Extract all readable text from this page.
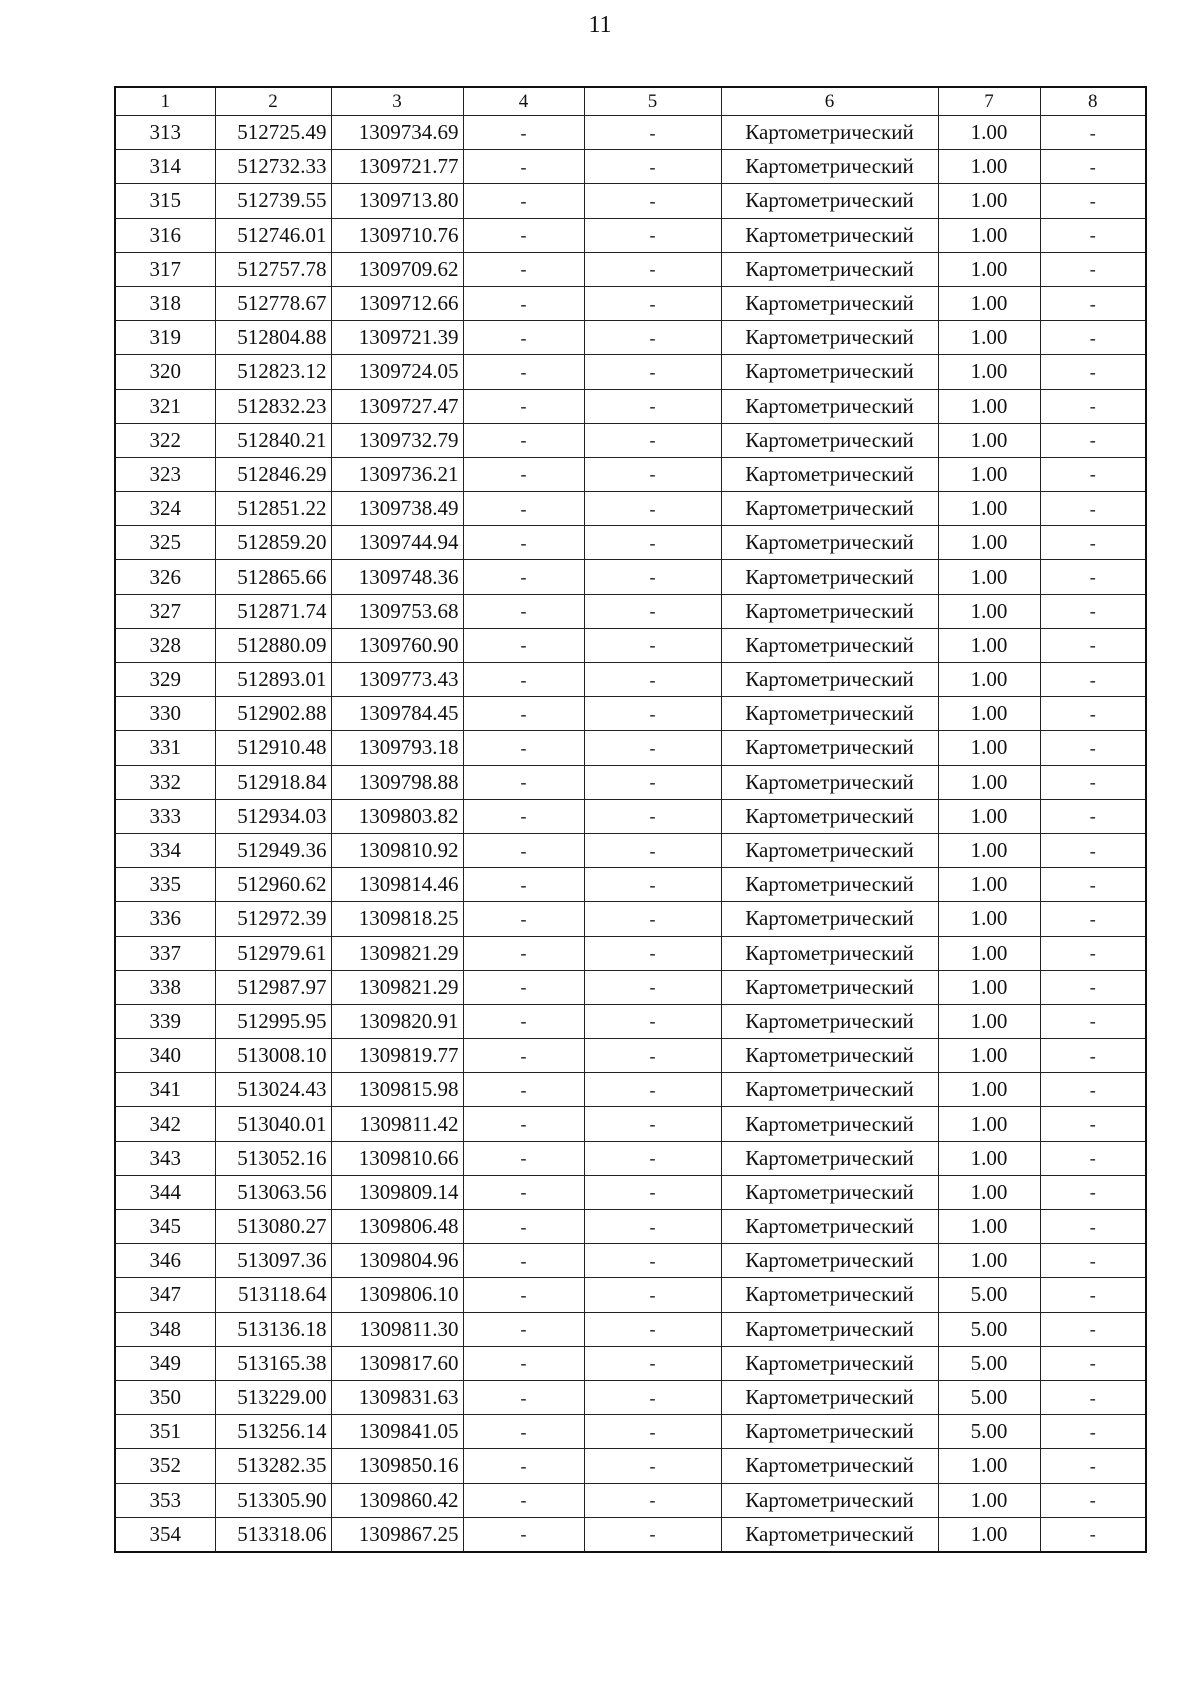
11
1	2	3	4	5	6	7	8
313	512725.49	1309734.69	-	-	Картометрический	1.00	-
314	512732.33	1309721.77	-	-	Картометрический	1.00	-
315	512739.55	1309713.80	-	-	Картометрический	1.00	-
316	512746.01	1309710.76	-	-	Картометрический	1.00	-
317	512757.78	1309709.62	-	-	Картометрический	1.00	-
318	512778.67	1309712.66	-	-	Картометрический	1.00	-
319	512804.88	1309721.39	-	-	Картометрический	1.00	-
320	512823.12	1309724.05	-	-	Картометрический	1.00	-
321	512832.23	1309727.47	-	-	Картометрический	1.00	-
322	512840.21	1309732.79	-	-	Картометрический	1.00	-
323	512846.29	1309736.21	-	-	Картометрический	1.00	-
324	512851.22	1309738.49	-	-	Картометрический	1.00	-
325	512859.20	1309744.94	-	-	Картометрический	1.00	-
326	512865.66	1309748.36	-	-	Картометрический	1.00	-
327	512871.74	1309753.68	-	-	Картометрический	1.00	-
328	512880.09	1309760.90	-	-	Картометрический	1.00	-
329	512893.01	1309773.43	-	-	Картометрический	1.00	-
330	512902.88	1309784.45	-	-	Картометрический	1.00	-
331	512910.48	1309793.18	-	-	Картометрический	1.00	-
332	512918.84	1309798.88	-	-	Картометрический	1.00	-
333	512934.03	1309803.82	-	-	Картометрический	1.00	-
334	512949.36	1309810.92	-	-	Картометрический	1.00	-
335	512960.62	1309814.46	-	-	Картометрический	1.00	-
336	512972.39	1309818.25	-	-	Картометрический	1.00	-
337	512979.61	1309821.29	-	-	Картометрический	1.00	-
338	512987.97	1309821.29	-	-	Картометрический	1.00	-
339	512995.95	1309820.91	-	-	Картометрический	1.00	-
340	513008.10	1309819.77	-	-	Картометрический	1.00	-
341	513024.43	1309815.98	-	-	Картометрический	1.00	-
342	513040.01	1309811.42	-	-	Картометрический	1.00	-
343	513052.16	1309810.66	-	-	Картометрический	1.00	-
344	513063.56	1309809.14	-	-	Картометрический	1.00	-
345	513080.27	1309806.48	-	-	Картометрический	1.00	-
346	513097.36	1309804.96	-	-	Картометрический	1.00	-
347	513118.64	1309806.10	-	-	Картометрический	5.00	-
348	513136.18	1309811.30	-	-	Картометрический	5.00	-
349	513165.38	1309817.60	-	-	Картометрический	5.00	-
350	513229.00	1309831.63	-	-	Картометрический	5.00	-
351	513256.14	1309841.05	-	-	Картометрический	5.00	-
352	513282.35	1309850.16	-	-	Картометрический	1.00	-
353	513305.90	1309860.42	-	-	Картометрический	1.00	-
354	513318.06	1309867.25	-	-	Картометрический	1.00	-
